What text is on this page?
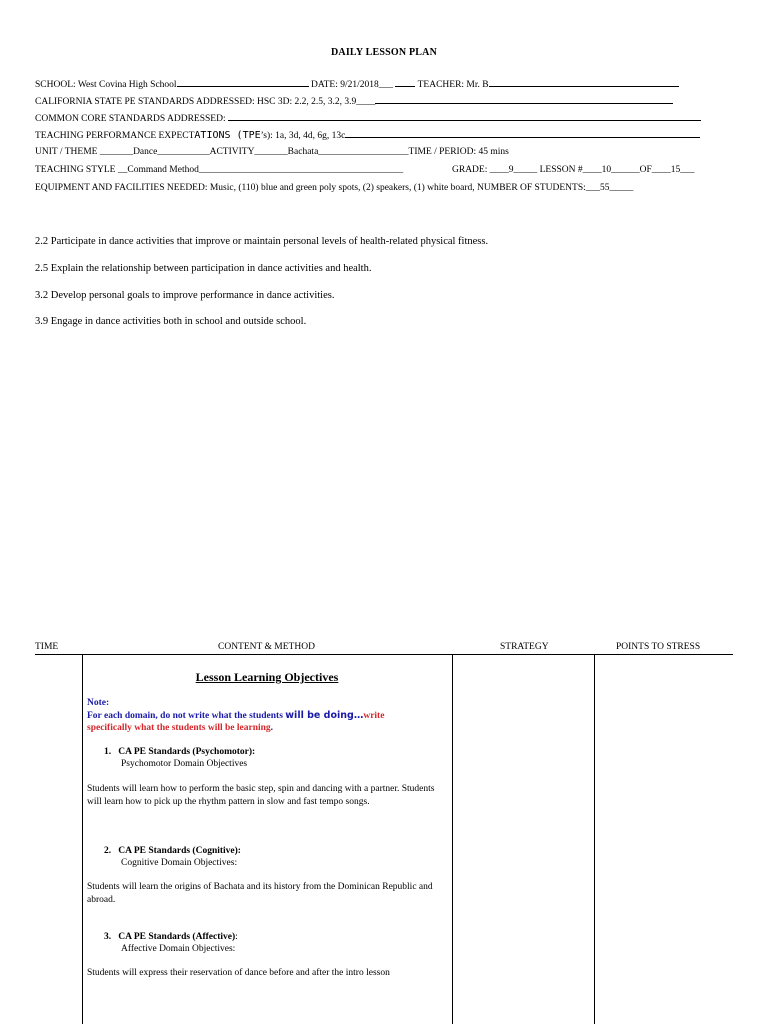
DAILY LESSON PLAN
SCHOOL: West Covina High School	DATE: 9/21/2018___  TEACHER: Mr. B
CALIFORNIA STATE PE STANDARDS ADDRESSED: HSC 3D: 2.2, 2.5, 3.2, 3.9____
COMMON CORE STANDARDS ADDRESSED:
TEACHING PERFORMANCE EXPECTATIONS (TPE’s): 1a, 3d, 4d, 6g, 13c
UNIT / THEME _______Dance___________ACTIVITY_______Bachata___________________TIME / PERIOD: 45 mins
TEACHING STYLE __Command Method___________________________________________	GRADE: ____9_____ LESSON #____10______OF____15___
EQUIPMENT AND FACILITIES NEEDED: Music, (110) blue and green poly spots, (2) speakers, (1) white board, NUMBER OF STUDENTS:___55_____
2.2 Participate in dance activities that improve or maintain personal levels of health-related physical fitness.
2.5 Explain the relationship between participation in dance activities and health.
3.2 Develop personal goals to improve performance in dance activities.
3.9 Engage in dance activities both in school and outside school.
TIME	CONTENT & METHOD	STRATEGY	POINTS TO STRESS
Lesson Learning Objectives
Note:
For each domain, do not write what the students will be doing…write
specifically what the students will be learning.
1. CA PE Standards (Psychomotor):
Psychomotor Domain Objectives
Students will learn how to perform the basic step, spin and dancing with a partner. Students will learn how to pick up the rhythm pattern in slow and fast tempo songs.
2. CA PE Standards (Cognitive):
Cognitive Domain Objectives:
Students will learn the origins of Bachata and its history from the Dominican Republic and abroad.
3. CA PE Standards (Affective):
Affective Domain Objectives:
Students will express their reservation of dance before and after the intro lesson
